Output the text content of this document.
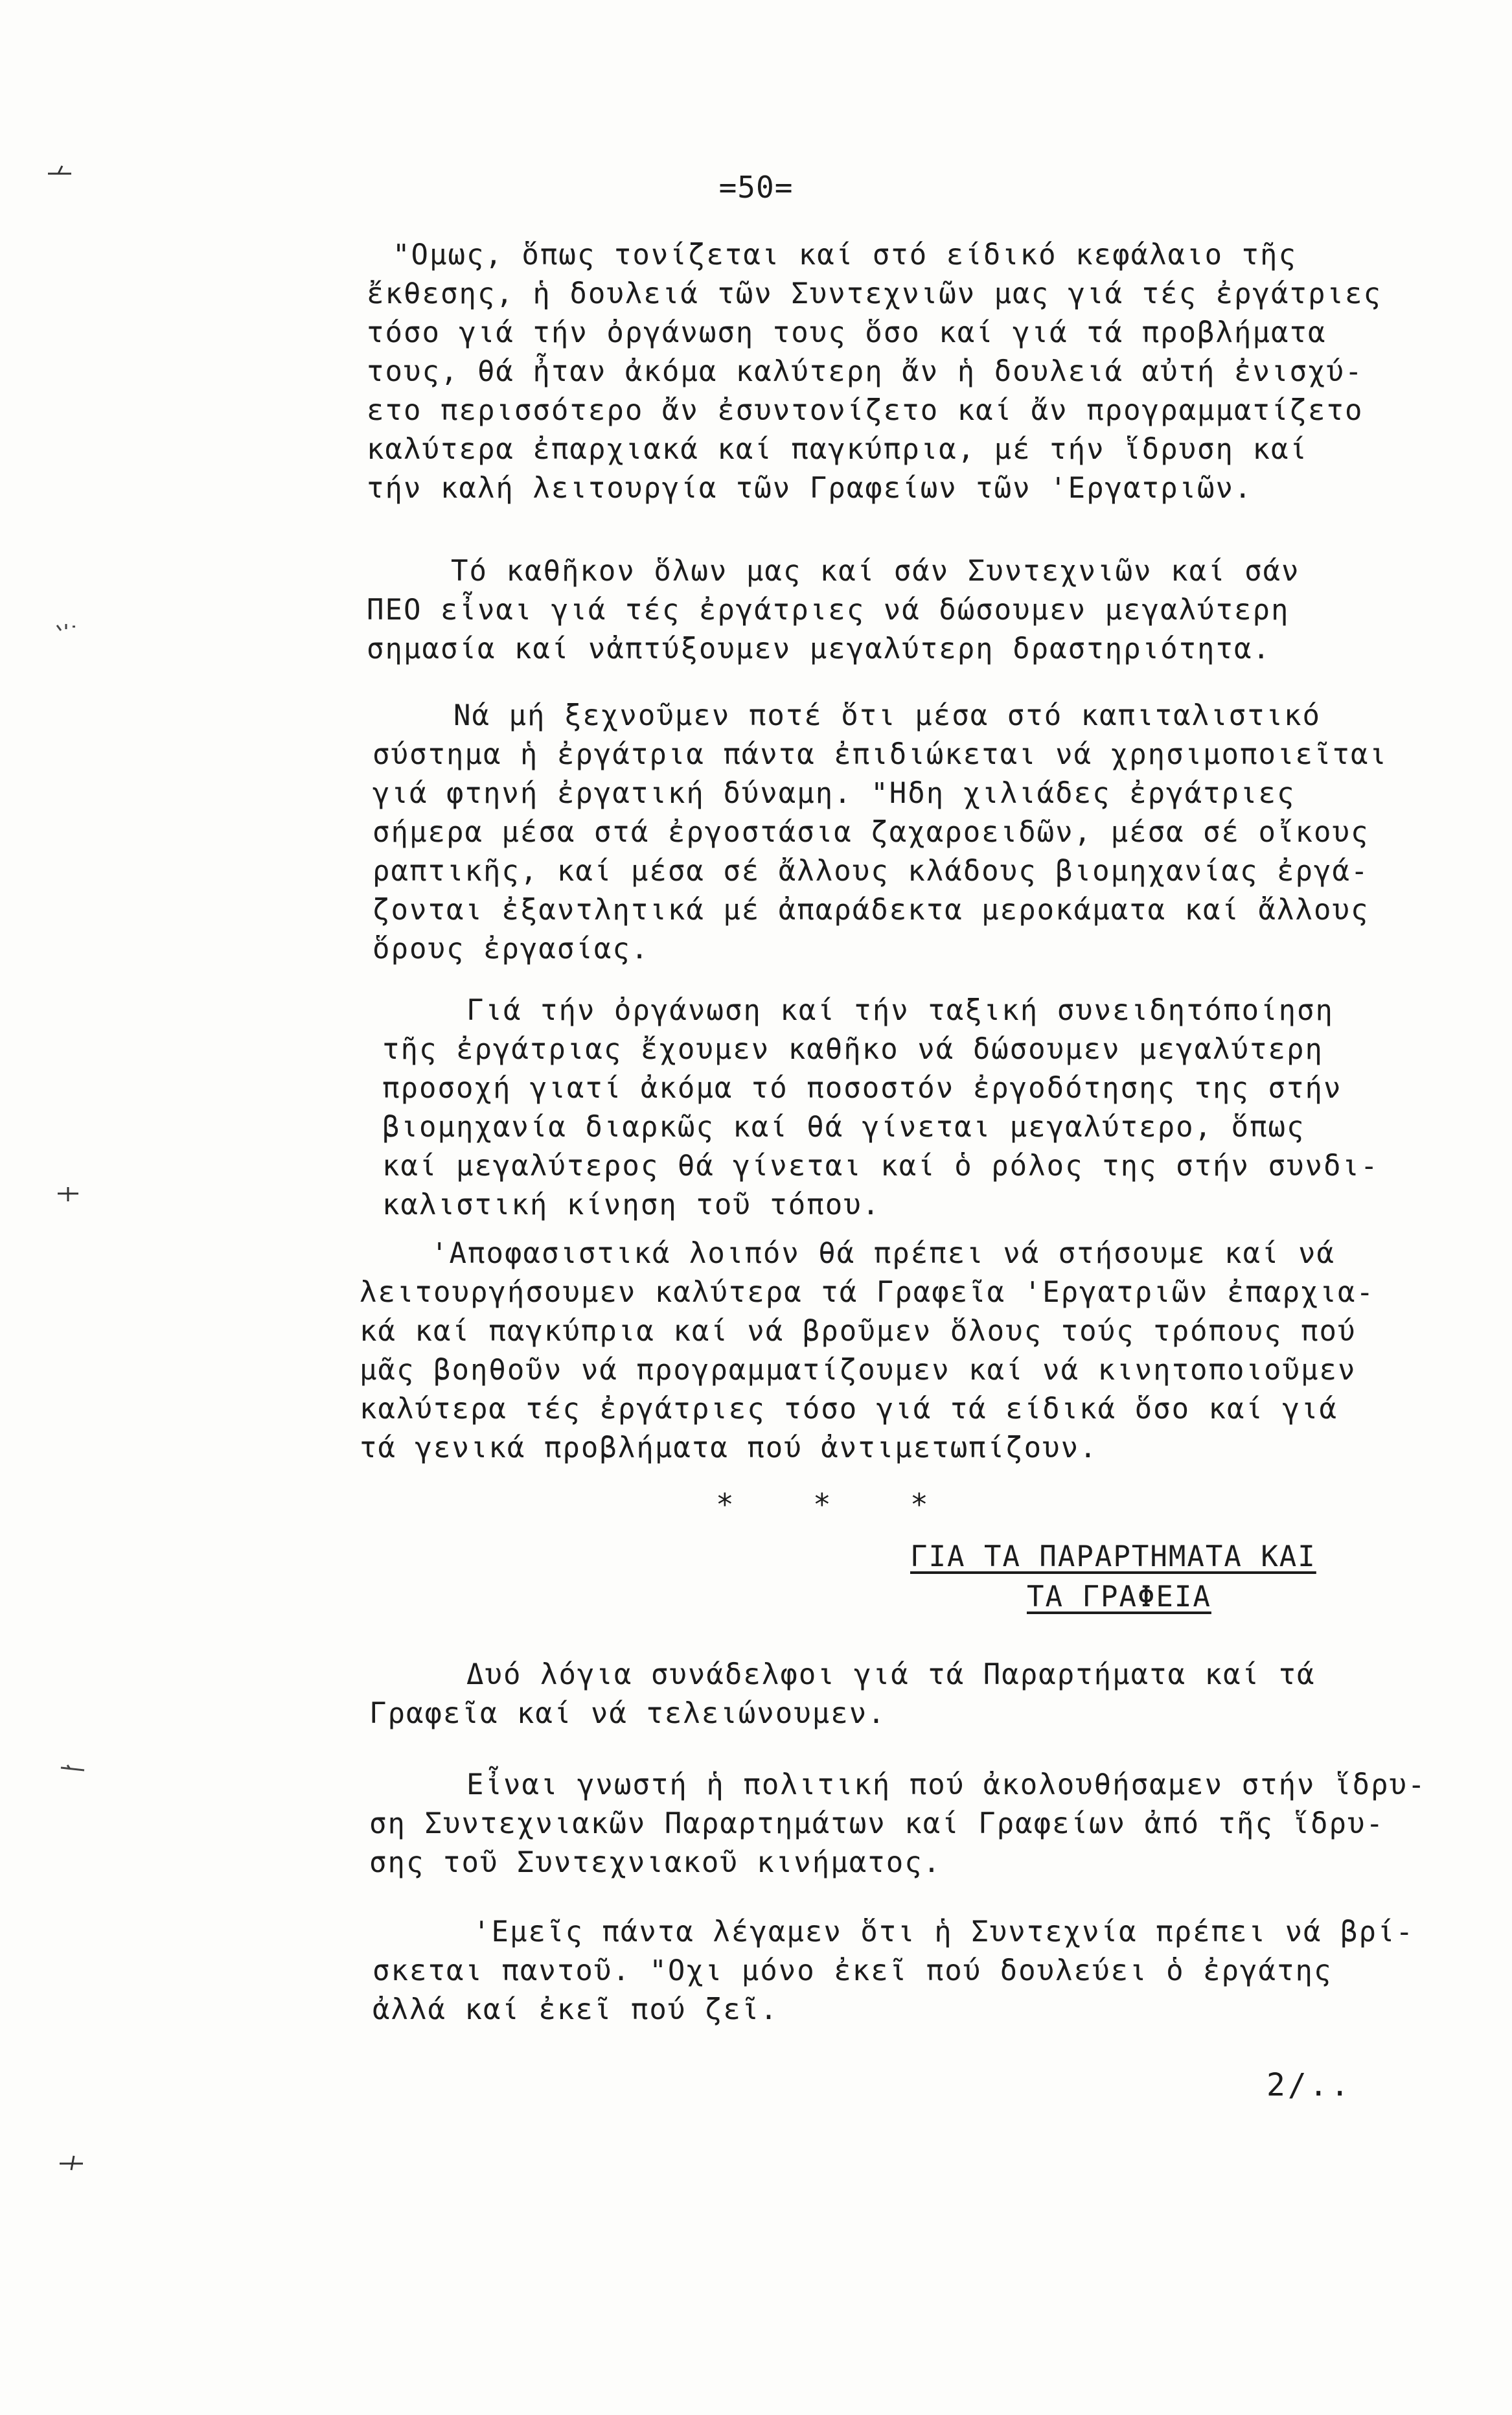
=50=
"Ομως, ὅπως τονίζεται καί στό είδικό κεφάλαιο τῆς
ἔκθεσης, ἡ δουλειά τῶν Συντεχνιῶν μας γιά τές ἐργάτριες
τόσο γιά τήν ὀργάνωση τους ὅσο καί γιά τά προβλήματα
τους, θά ἦταν ἀκόμα καλύτερη ἄν ἡ δουλειά αὐτή ἐνισχύ-
ετο περισσότερο ἄν ἐσυντονίζετο καί ἄν προγραμματίζετο
καλύτερα ἐπαρχιακά καί παγκύπρια, μέ τήν ἵδρυση καί
τήν καλή λειτουργία τῶν Γραφείων τῶν 'Εργατριῶν.
Τό καθῆκον ὅλων μας καί σάν Συντεχνιῶν καί σάν
ΠΕΟ εἶναι γιά τές ἐργάτριες νά δώσουμεν μεγαλύτερη
σημασία καί νἀπτύξουμεν μεγαλύτερη δραστηριότητα.
Νά μή ξεχνοῦμεν ποτέ ὅτι μέσα στό καπιταλιστικό
σύστημα ἡ ἐργάτρια πάντα ἐπιδιώκεται νά χρησιμοποιεῖται
γιά φτηνή ἐργατική δύναμη. "Ηδη χιλιάδες ἐργάτριες
σήμερα μέσα στά ἐργοστάσια ζαχαροειδῶν, μέσα σέ οἴκους
ραπτικῆς, καί μέσα σέ ἄλλους κλάδους βιομηχανίας ἐργά-
ζονται ἐξαντλητικά μέ ἀπαράδεκτα μεροκάματα καί ἄλλους
ὅρους ἐργασίας.
Γιά τήν ὀργάνωση καί τήν ταξική συνειδητόποίηση
τῆς ἐργάτριας ἔχουμεν καθῆκο νά δώσουμεν μεγαλύτερη
προσοχή γιατί ἀκόμα τό ποσοστόν ἐργοδότησης της στήν
βιομηχανία διαρκῶς καί θά γίνεται μεγαλύτερο, ὅπως
καί μεγαλύτερος θά γίνεται καί ὁ ρόλος της στήν συνδι-
καλιστική κίνηση τοῦ τόπου.
'Αποφασιστικά λοιπόν θά πρέπει νά στήσουμε καί νά
λειτουργήσουμεν καλύτερα τά Γραφεῖα 'Εργατριῶν ἐπαρχια-
κά καί παγκύπρια καί νά βροῦμεν ὅλους τούς τρόπους πού
μᾶς βοηθοῦν νά προγραμματίζουμεν καί νά κινητοποιοῦμεν
καλύτερα τές ἐργάτριες τόσο γιά τά είδικά ὅσο καί γιά
τά γενικά προβλήματα πού ἀντιμετωπίζουν.
*	*	*
ΓΙΑ ΤΑ ΠΑΡΑΡΤΗΜΑΤΑ ΚΑΙ
ΤΑ ΓΡΑΦΕΙΑ
Δυό λόγια συνάδελφοι γιά τά Παραρτήματα καί τά
Γραφεῖα καί νά τελειώνουμεν.
Εἶναι γνωστή ἡ πολιτική πού ἀκολουθήσαμεν στήν ἵδρυ-
ση Συντεχνιακῶν Παραρτημάτων καί Γραφείων ἀπό τῆς ἵδρυ-
σης τοῦ Συντεχνιακοῦ κινήματος.
'Εμεῖς πάντα λέγαμεν ὅτι ἡ Συντεχνία πρέπει νά βρί-
σκεται παντοῦ. "Οχι μόνο ἐκεῖ πού δουλεύει ὁ ἐργάτης
ἀλλά καί ἐκεῖ πού ζεῖ.
2/..
